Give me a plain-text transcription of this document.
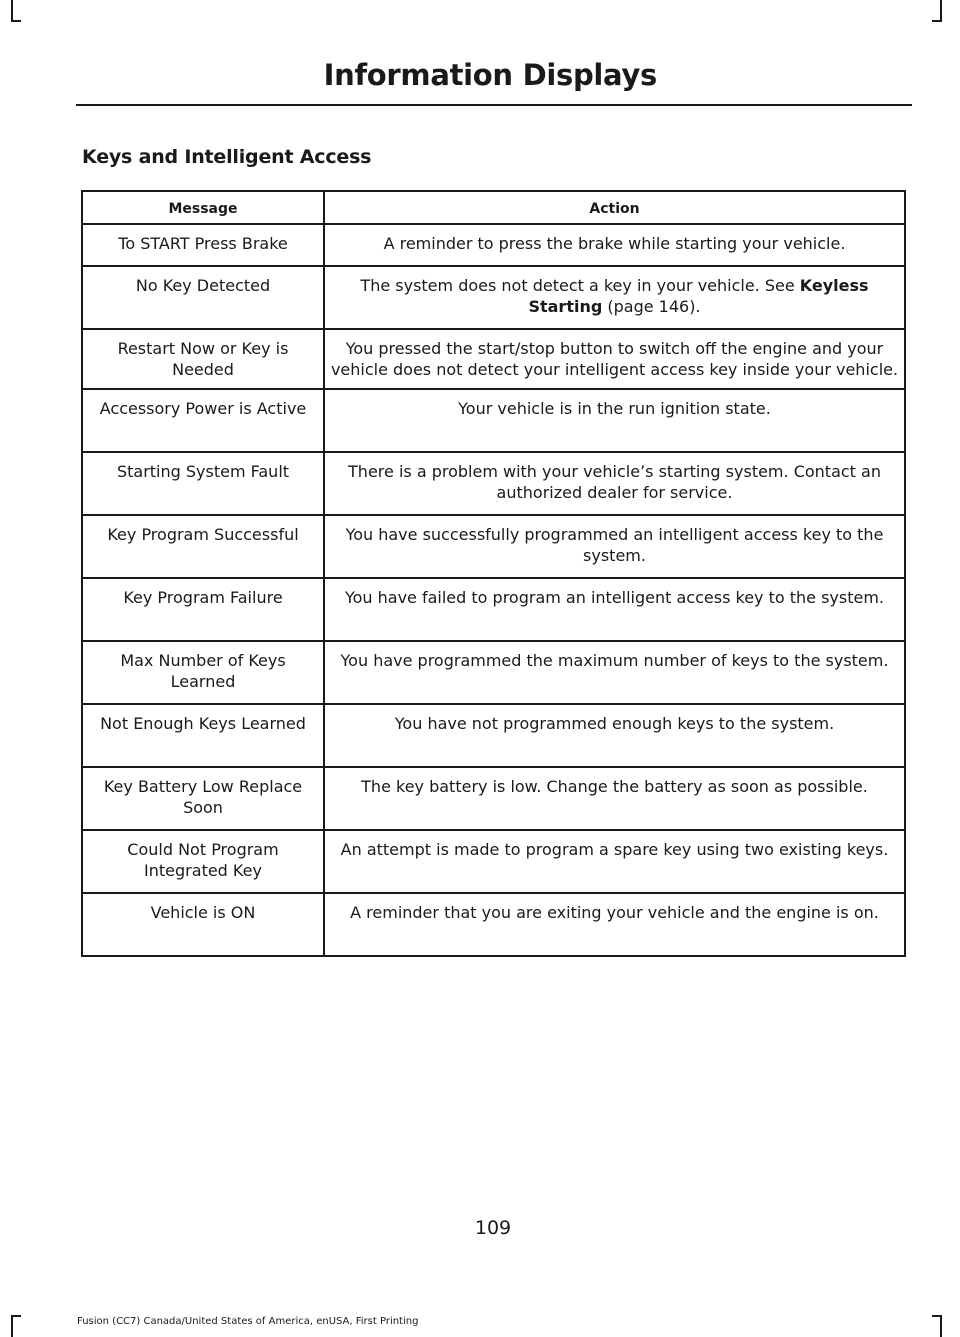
Information Displays
Keys and Intelligent Access
Message	Action
To START Press Brake	A reminder to press the brake while starting your vehicle.
No Key Detected	The system does not detect a key in your vehicle. See Keyless Starting (page 146).
Restart Now or Key is Needed	You pressed the start/stop button to switch off the engine and your vehicle does not detect your intelligent access key inside your vehicle.
Accessory Power is Active	Your vehicle is in the run ignition state.
Starting System Fault	There is a problem with your vehicle’s starting system. Contact an authorized dealer for service.
Key Program Successful	You have successfully programmed an intelligent access key to the system.
Key Program Failure	You have failed to program an intelligent access key to the system.
Max Number of Keys Learned	You have programmed the maximum number of keys to the system.
Not Enough Keys Learned	You have not programmed enough keys to the system.
Key Battery Low Replace Soon	The key battery is low. Change the battery as soon as possible.
Could Not Program Integrated Key	An attempt is made to program a spare key using two existing keys.
Vehicle is ON	A reminder that you are exiting your vehicle and the engine is on.
109
Fusion (CC7) Canada/United States of America, enUSA, First Printing
